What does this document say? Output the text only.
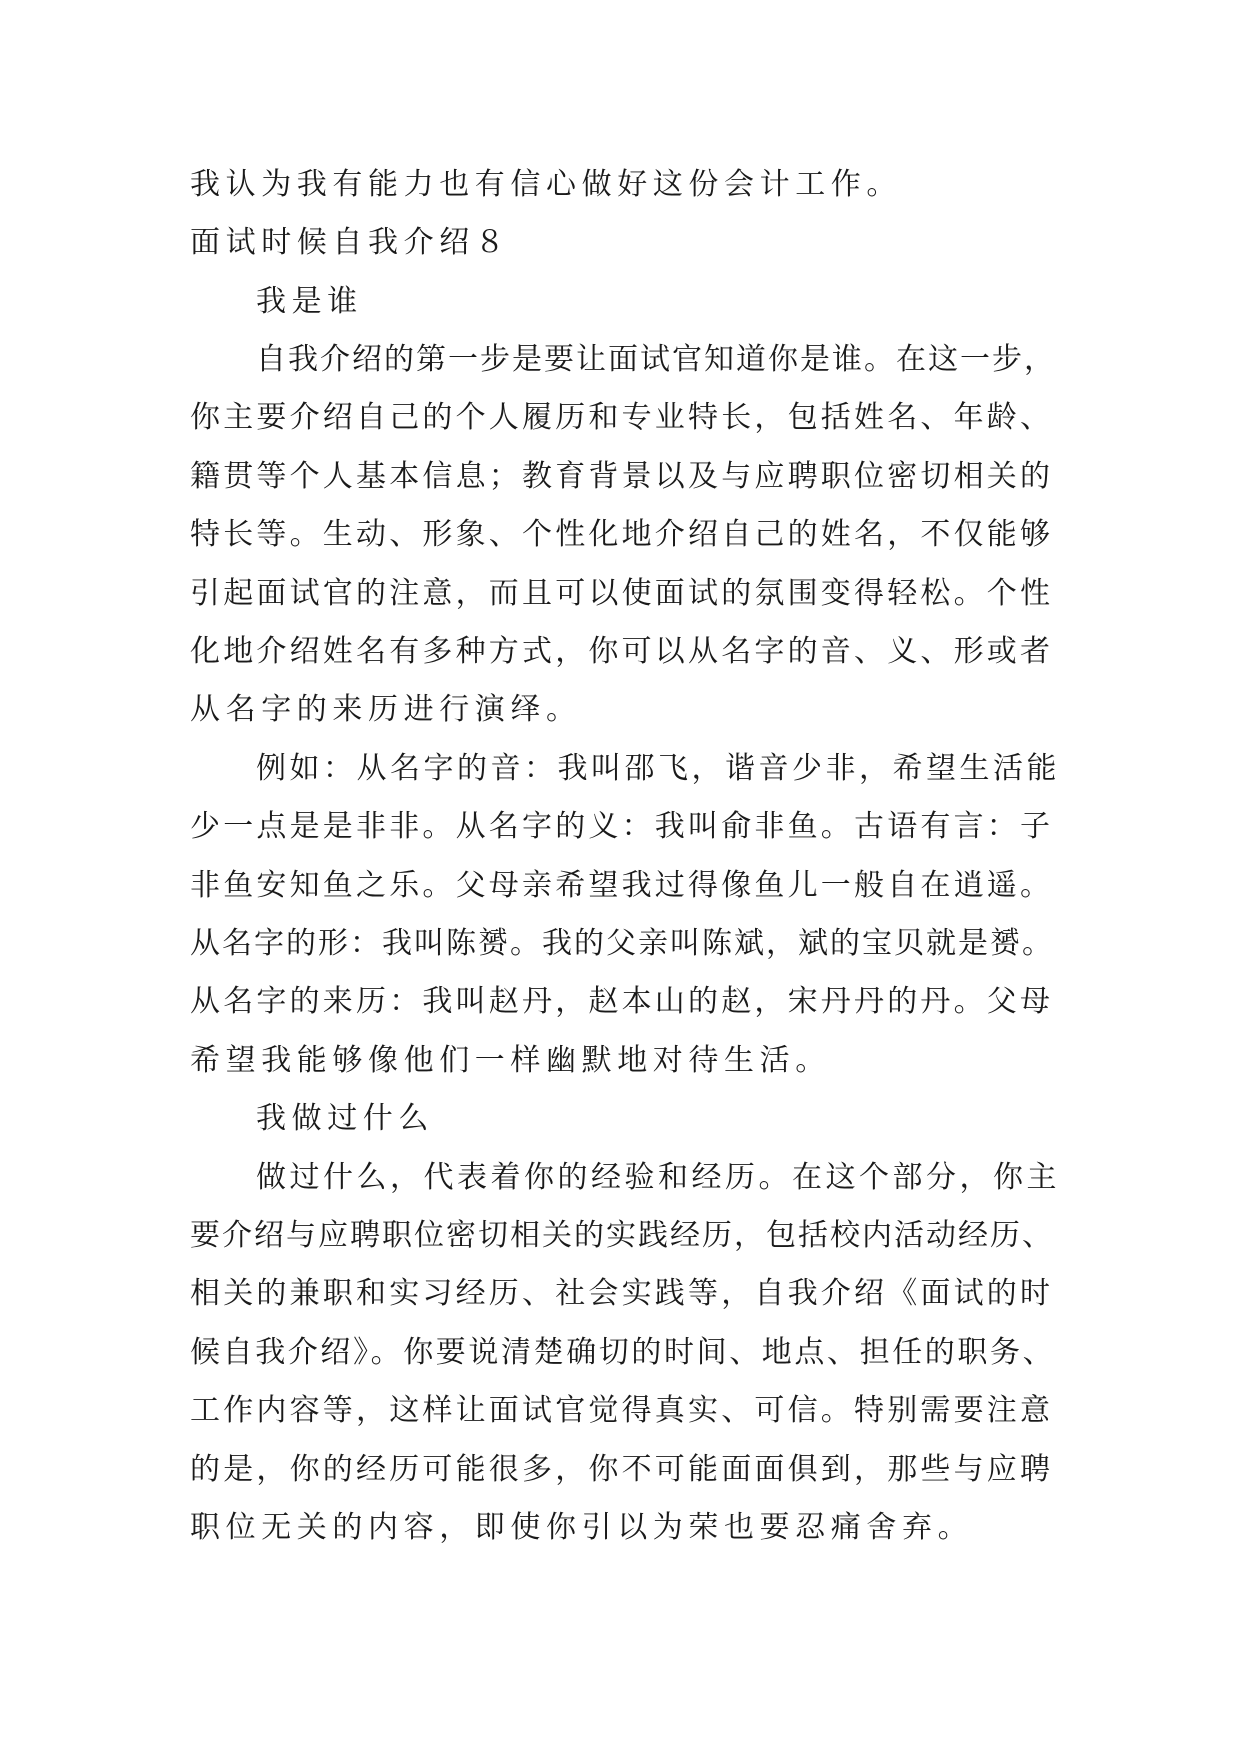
我认为我有能力也有信心做好这份会计工作。
面试时候自我介绍８
我是谁
自我介绍的第一步是要让面试官知道你是谁。在这一步，
你主要介绍自己的个人履历和专业特长，包括姓名、年龄、
籍贯等个人基本信息；教育背景以及与应聘职位密切相关的
特长等。生动、形象、个性化地介绍自己的姓名，不仅能够
引起面试官的注意，而且可以使面试的氛围变得轻松。个性
化地介绍姓名有多种方式，你可以从名字的音、义、形或者
从名字的来历进行演绎。
例如：从名字的音：我叫邵飞，谐音少非，希望生活能
少一点是是非非。从名字的义：我叫俞非鱼。古语有言：子
非鱼安知鱼之乐。父母亲希望我过得像鱼儿一般自在逍遥。
从名字的形：我叫陈赟。我的父亲叫陈斌，斌的宝贝就是赟。
从名字的来历：我叫赵丹，赵本山的赵，宋丹丹的丹。父母
希望我能够像他们一样幽默地对待生活。
我做过什么
做过什么，代表着你的经验和经历。在这个部分，你主
要介绍与应聘职位密切相关的实践经历，包括校内活动经历、
相关的兼职和实习经历、社会实践等，自我介绍《面试的时
候自我介绍》。你要说清楚确切的时间、地点、担任的职务、
工作内容等，这样让面试官觉得真实、可信。特别需要注意
的是，你的经历可能很多，你不可能面面俱到，那些与应聘
职位无关的内容，即使你引以为荣也要忍痛舍弃。
